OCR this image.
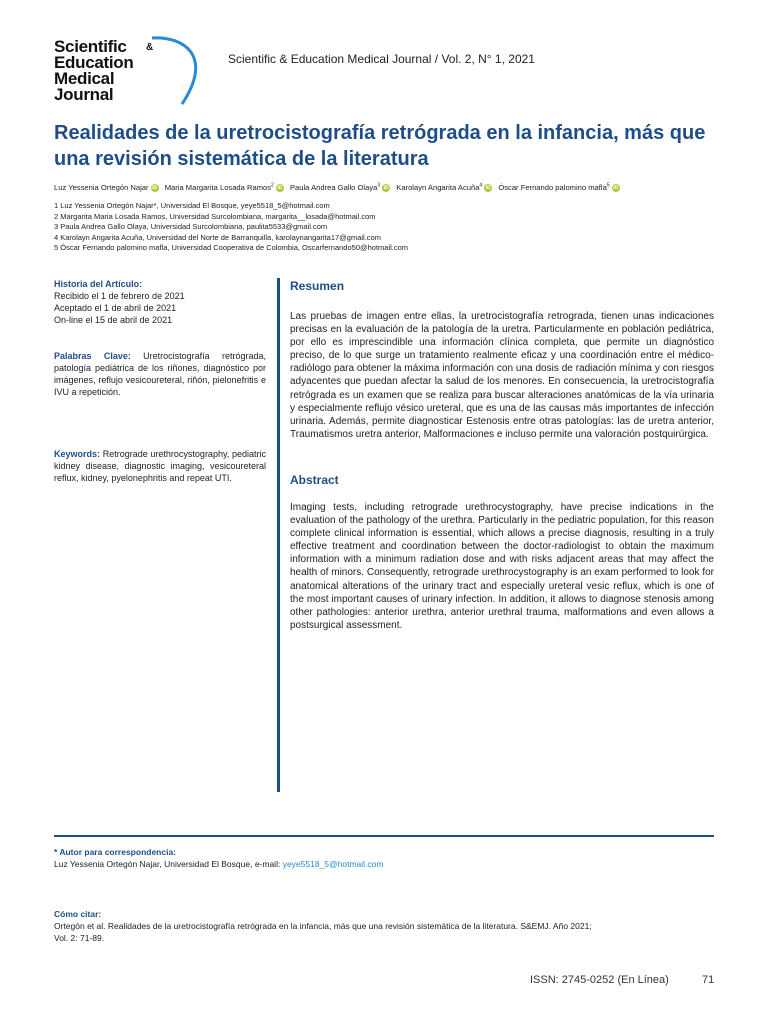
Scientific &
Education
Medical
Journal
Scientific & Education Medical Journal / Vol. 2, N° 1, 2021
Realidades de la uretrocistografía retrógrada en la infancia, más que una revisión sistemática de la literatura
Luz Yessenia Ortegón Najar iD Maria Margarita Losada Ramos$^2$ iD Paula Andrea Gallo Olaya$^3$ iD Karolayn Angarita Acuña$^4$ iD Óscar Fernando palomino mafla$^5$ iD
1 Luz Yessenia Ortegón Najar*, Universidad El Bosque, yeye5518_5@hotmail.com
2 Margarita Maria Losada Ramos, Universidad Surcolombiana, margarita__losada@hotmail.com
3 Paula Andrea Gallo Olaya, Universidad Surcolombiana, paulita5533@gmail.com
4 Karolayn Angarita Acuña, Universidad del Norte de Barranquilla, karolaynangarita17@gmail.com
5 Óscar Fernando palomino mafla, Universidad Cooperativa de Colombia, Oscarfernando50@hotmail.com
Historia del Artículo:
Recibido el 1 de febrero de 2021
Aceptado el 1 de abril de 2021
On-line el 15 de abril de 2021
Palabras Clave: Uretrocistografía retrógrada, patología pediátrica de los riñones, diagnóstico por imágenes, reflujo vesicoureteral, riñón, pielonefritis e IVU a repetición.
Keywords: Retrograde urethrocystography, pediatric kidney disease, diagnostic imaging, vesicoureteral reflux, kidney, pyelonephritis and repeat UTI.
Resumen
Las pruebas de imagen entre ellas, la uretrocistografía retrograda, tienen unas indicaciones precisas en la evaluación de la patología de la uretra. Particularmente en población pediátrica, por ello es imprescindible una información clínica completa, que permite un diagnóstico preciso, de lo que surge un tratamiento realmente eficaz y una coordinación entre el médico-radiólogo para obtener la máxima información con una dosis de radiación mínima y con riesgos adyacentes que puedan afectar la salud de los menores. En consecuencia, la uretrocistografía retrógrada es un examen que se realiza para buscar alteraciones anatómicas de la vía urinaria y especialmente reflujo vésico ureteral, que es una de las causas más importantes de infección urinaria. Además, permite diagnosticar Estenosis entre otras patologías: las de uretra anterior, Traumatismos uretra anterior, Malformaciones e incluso permite una valoración postquirúrgica.
Abstract
Imaging tests, including retrograde urethrocystography, have precise indications in the evaluation of the pathology of the urethra. Particularly in the pediatric population, for this reason complete clinical information is essential, which allows a precise diagnosis, resulting in a truly effective treatment and coordination between the doctor-radiologist to obtain the maximum information with a minimum radiation dose and with risks adjacent areas that may affect the health of minors. Consequently, retrograde urethrocystography is an exam performed to look for anatomical alterations of the urinary tract and especially ureteral vesic reflux, which is one of the most important causes of urinary infection. In addition, it allows to diagnose stenosis among other pathologies: anterior urethra, anterior urethral trauma, malformations and even allows a postsurgical assessment.
* Autor para correspondencia:
Luz Yessenia Ortegón Najar, Universidad El Bosque, e-mail: yeye5518_5@hotmail.com
Cómo citar:
Ortegón et al. Realidades de la uretrocistografía retrógrada en la infancia, más que una revisión sistemática de la literatura. S&EMJ. Año 2021;
Vol. 2: 71-89.
ISSN: 2745-0252 (En Línea)	71
